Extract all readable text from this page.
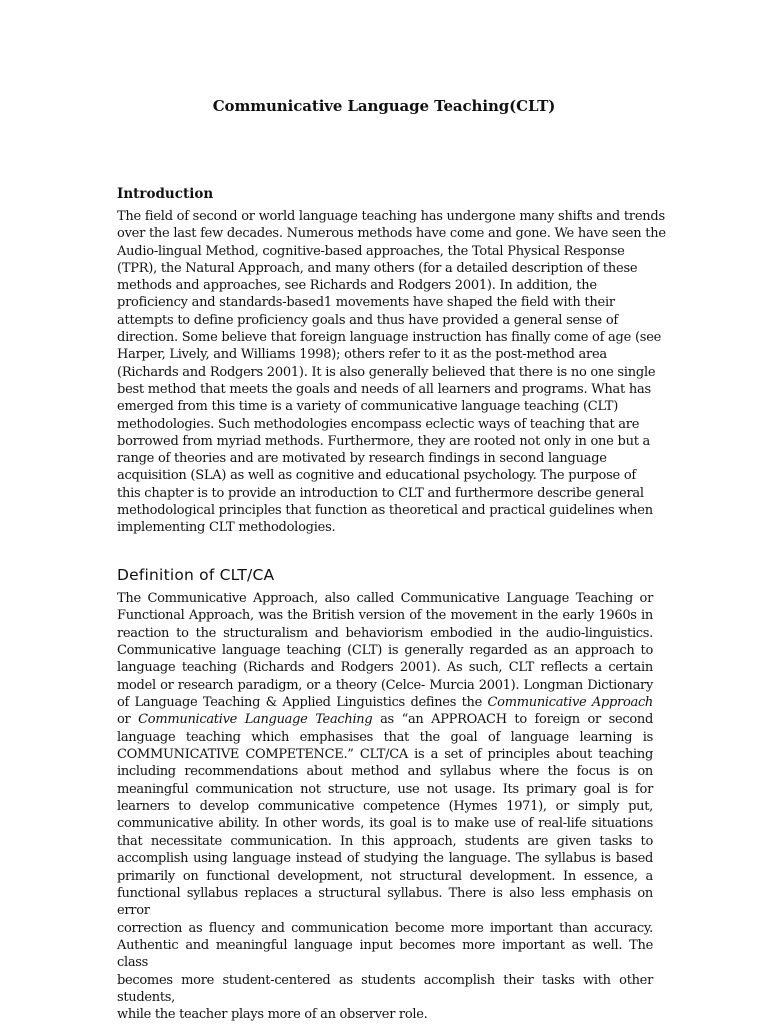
Communicative Language Teaching(CLT)
Introduction

The field of second or world language teaching has undergone many shifts and trends
over the last few decades. Numerous methods have come and gone. We have seen the
Audio-lingual Method, cognitive-based approaches, the Total Physical Response
(TPR), the Natural Approach, and many others (for a detailed description of these
methods and approaches, see Richards and Rodgers 2001). In addition, the
proficiency and standards-based1 movements have shaped the field with their
attempts to define proficiency goals and thus have provided a general sense of
direction. Some believe that foreign language instruction has finally come of age (see
Harper, Lively, and Williams 1998); others refer to it as the post-method area
(Richards and Rodgers 2001). It is also generally believed that there is no one single
best method that meets the goals and needs of all learners and programs. What has
emerged from this time is a variety of communicative language teaching (CLT)
methodologies. Such methodologies encompass eclectic ways of teaching that are
borrowed from myriad methods. Furthermore, they are rooted not only in one but a
range of theories and are motivated by research findings in second language
acquisition (SLA) as well as cognitive and educational psychology. The purpose of
this chapter is to provide an introduction to CLT and furthermore describe general
methodological principles that function as theoretical and practical guidelines when
implementing CLT methodologies.

Definition of CLT/CA

The Communicative Approach, also called Communicative Language Teaching or
Functional Approach, was the British version of the movement in the early 1960s in
reaction to the structuralism and behaviorism embodied in the audio-linguistics.
Communicative language teaching (CLT) is generally regarded as an approach to
language teaching (Richards and Rodgers 2001). As such, CLT reflects a certain
model or research paradigm, or a theory (Celce- Murcia 2001). Longman Dictionary
of Language Teaching & Applied Linguistics defines the Communicative Approach
or Communicative Language Teaching as “an APPROACH to foreign or second
language teaching which emphasises that the goal of language learning is
COMMUNICATIVE COMPETENCE.” CLT/CA is a set of principles about teaching
including recommendations about method and syllabus where the focus is on
meaningful communication not structure, use not usage. Its primary goal is for
learners to develop communicative competence (Hymes 1971), or simply put,
communicative ability. In other words, its goal is to make use of real-life situations
that necessitate communication. In this approach, students are given tasks to
accomplish using language instead of studying the language. The syllabus is based
primarily on functional development, not structural development. In essence, a
functional syllabus replaces a structural syllabus. There is also less emphasis on error
correction as fluency and communication become more important than accuracy.
Authentic and meaningful language input becomes more important as well. The class
becomes more student-centered as students accomplish their tasks with other students,
while the teacher plays more of an observer role.
